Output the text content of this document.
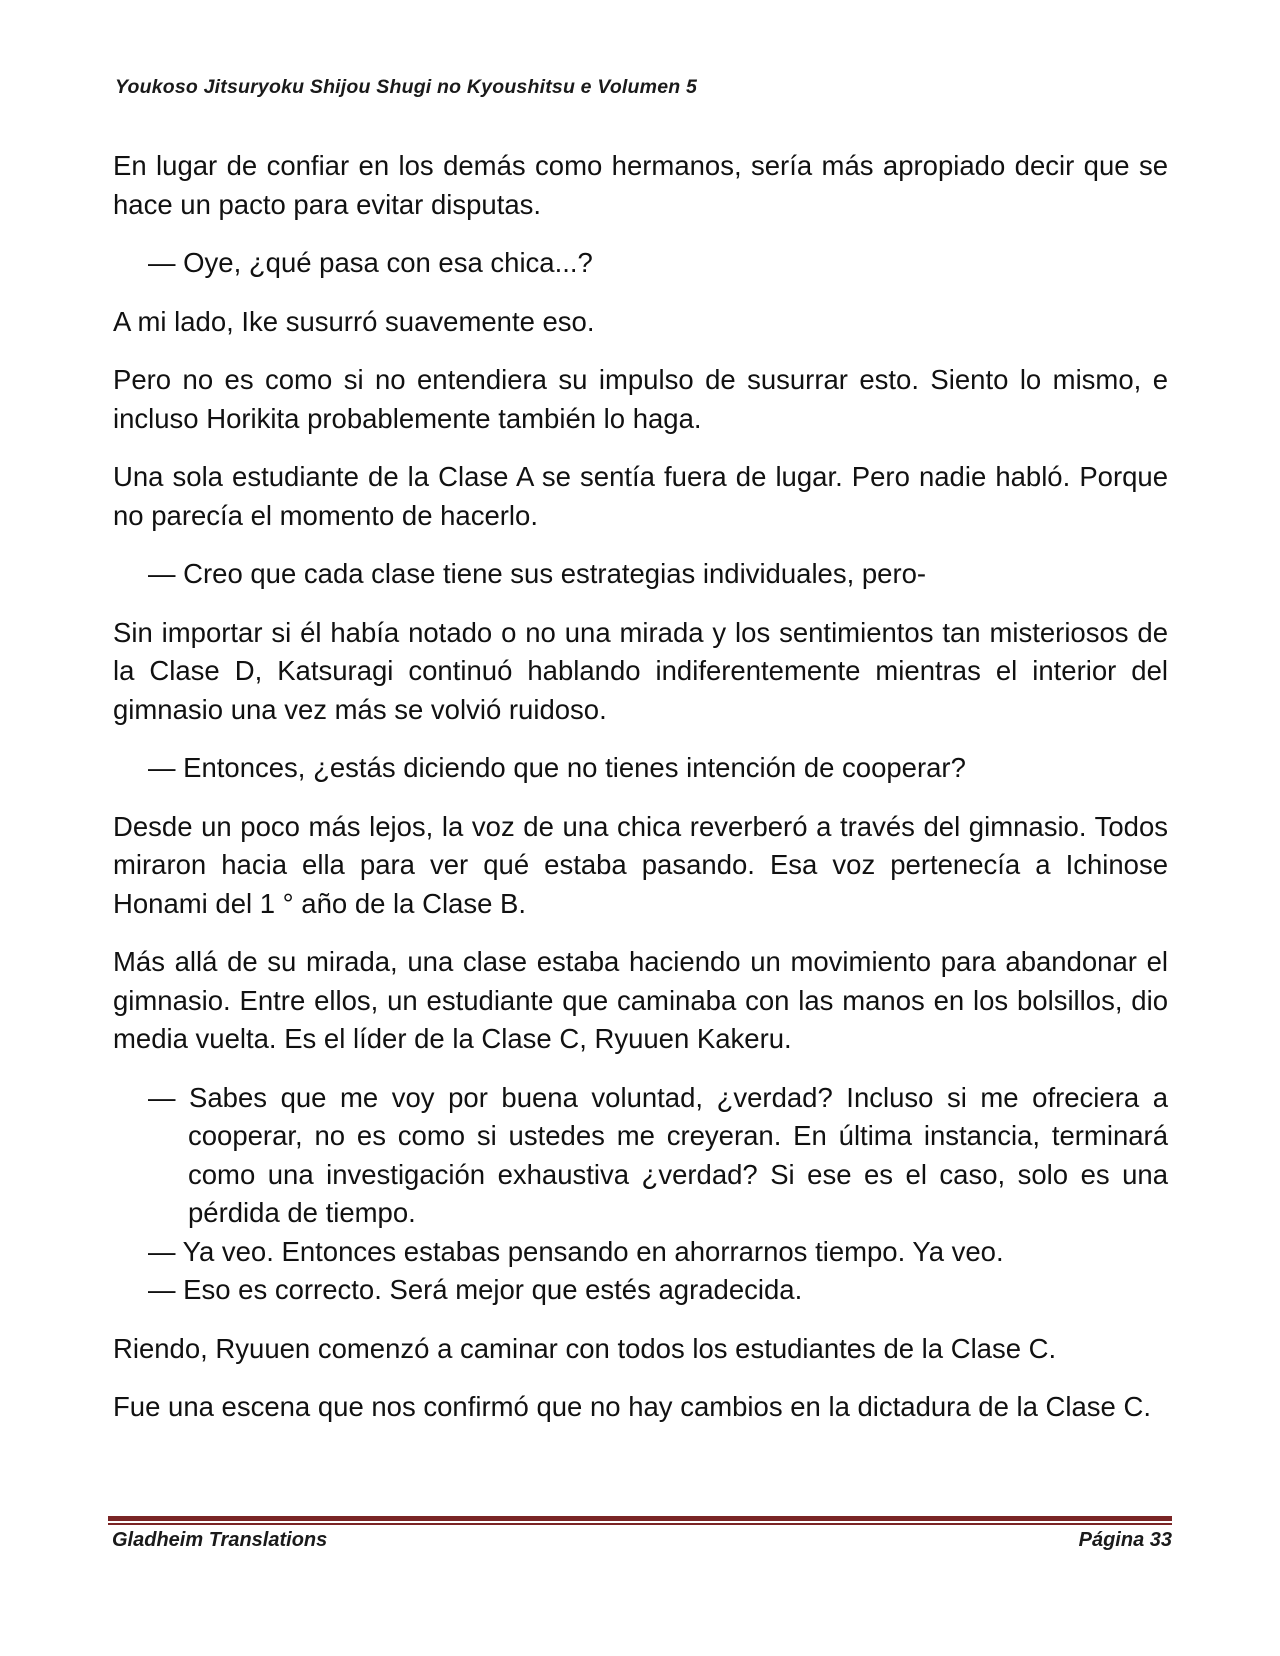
Youkoso Jitsuryoku Shijou Shugi no Kyoushitsu e Volumen 5

En lugar de confiar en los demás como hermanos, sería más apropiado decir que se hace un pacto para evitar disputas.

— Oye, ¿qué pasa con esa chica...?

A mi lado, Ike susurró suavemente eso.

Pero no es como si no entendiera su impulso de susurrar esto. Siento lo mismo, e incluso Horikita probablemente también lo haga.

Una sola estudiante de la Clase A se sentía fuera de lugar. Pero nadie habló. Porque no parecía el momento de hacerlo.

— Creo que cada clase tiene sus estrategias individuales, pero-

Sin importar si él había notado o no una mirada y los sentimientos tan misteriosos de la Clase D, Katsuragi continuó hablando indiferentemente mientras el interior del gimnasio una vez más se volvió ruidoso.

— Entonces, ¿estás diciendo que no tienes intención de cooperar?

Desde un poco más lejos, la voz de una chica reverberó a través del gimnasio. Todos miraron hacia ella para ver qué estaba pasando. Esa voz pertenecía a Ichinose Honami del 1 ° año de la Clase B.

Más allá de su mirada, una clase estaba haciendo un movimiento para abandonar el gimnasio. Entre ellos, un estudiante que caminaba con las manos en los bolsillos, dio media vuelta. Es el líder de la Clase C, Ryuuen Kakeru.

— Sabes que me voy por buena voluntad, ¿verdad? Incluso si me ofreciera a cooperar, no es como si ustedes me creyeran. En última instancia, terminará como una investigación exhaustiva ¿verdad? Si ese es el caso, solo es una pérdida de tiempo.

— Ya veo. Entonces estabas pensando en ahorrarnos tiempo. Ya veo.

— Eso es correcto. Será mejor que estés agradecida.

Riendo, Ryuuen comenzó a caminar con todos los estudiantes de la Clase C.

Fue una escena que nos confirmó que no hay cambios en la dictadura de la Clase C.

Gladheim Translations	Página 33
